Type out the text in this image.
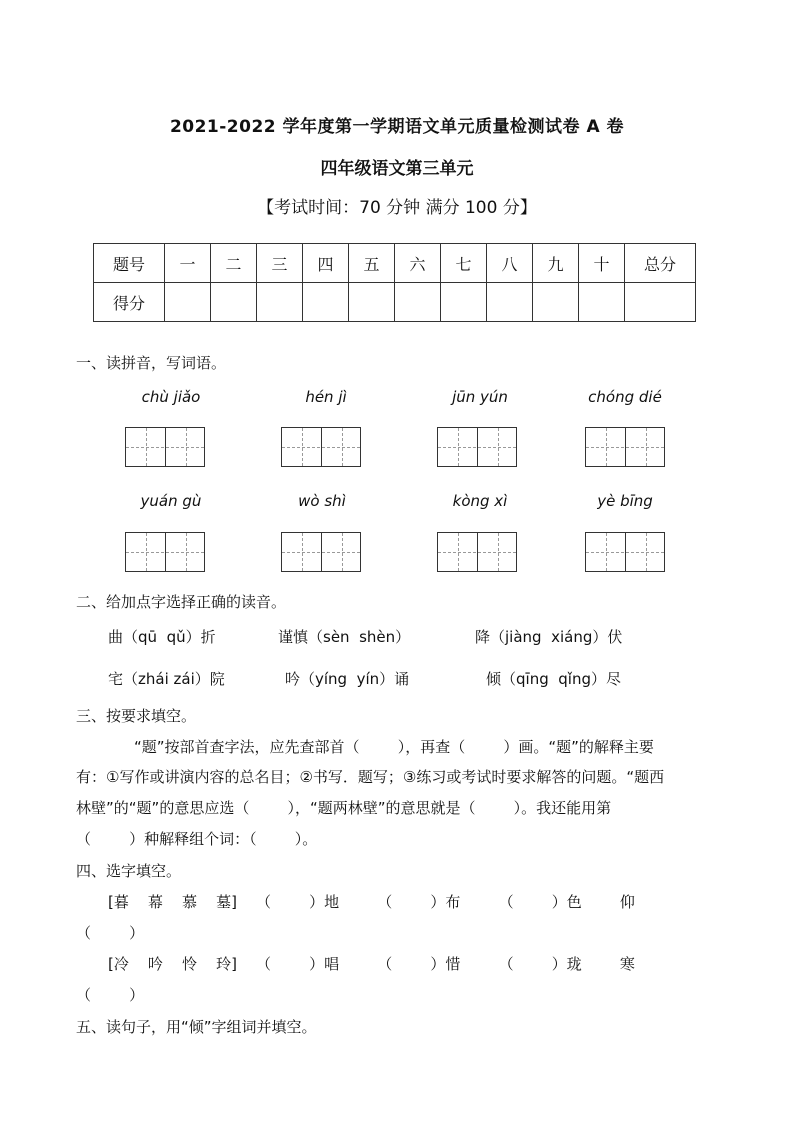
2021-2022 学年度第一学期语文单元质量检测试卷 A 卷
四年级语文第三单元
【考试时间：70 分钟 满分 100 分】
题号	一	二	三	四	五	六	七	八	九	十	总分
得分											
一、读拼音，写词语。
chù jiǎo	hén jì	jūn yún	chóng dié
yuán gù	wò shì	kòng xì	yè bīng
二、给加点字选择正确的读音。
曲（qū  qǔ）折	谨慎（sèn  shèn）	降（jiàng  xiáng）伏
宅（zhái zái）院	吟（yíng  yín）诵	倾（qīng  qǐng）尽
三、按要求填空。
“题”按部首查字法，应先查部首（        ），再查（        ）画。“题”的解释主要
有：①写作或讲演内容的总名目；②书写．题写；③练习或考试时要求解答的问题。“题西
林壁”的“题”的意思应选（        ），“题两林壁”的意思就是（        ）。我还能用第
（        ）种解释组个词：（        ）。
四、选字填空。
[暮    幕    慕    墓]    （        ）地        （        ）布        （        ）色        仰
（        ）
[冷    吟    怜    玲]    （        ）唱        （        ）惜        （        ）珑        寒
（        ）
五、读句子，用“倾”字组词并填空。
